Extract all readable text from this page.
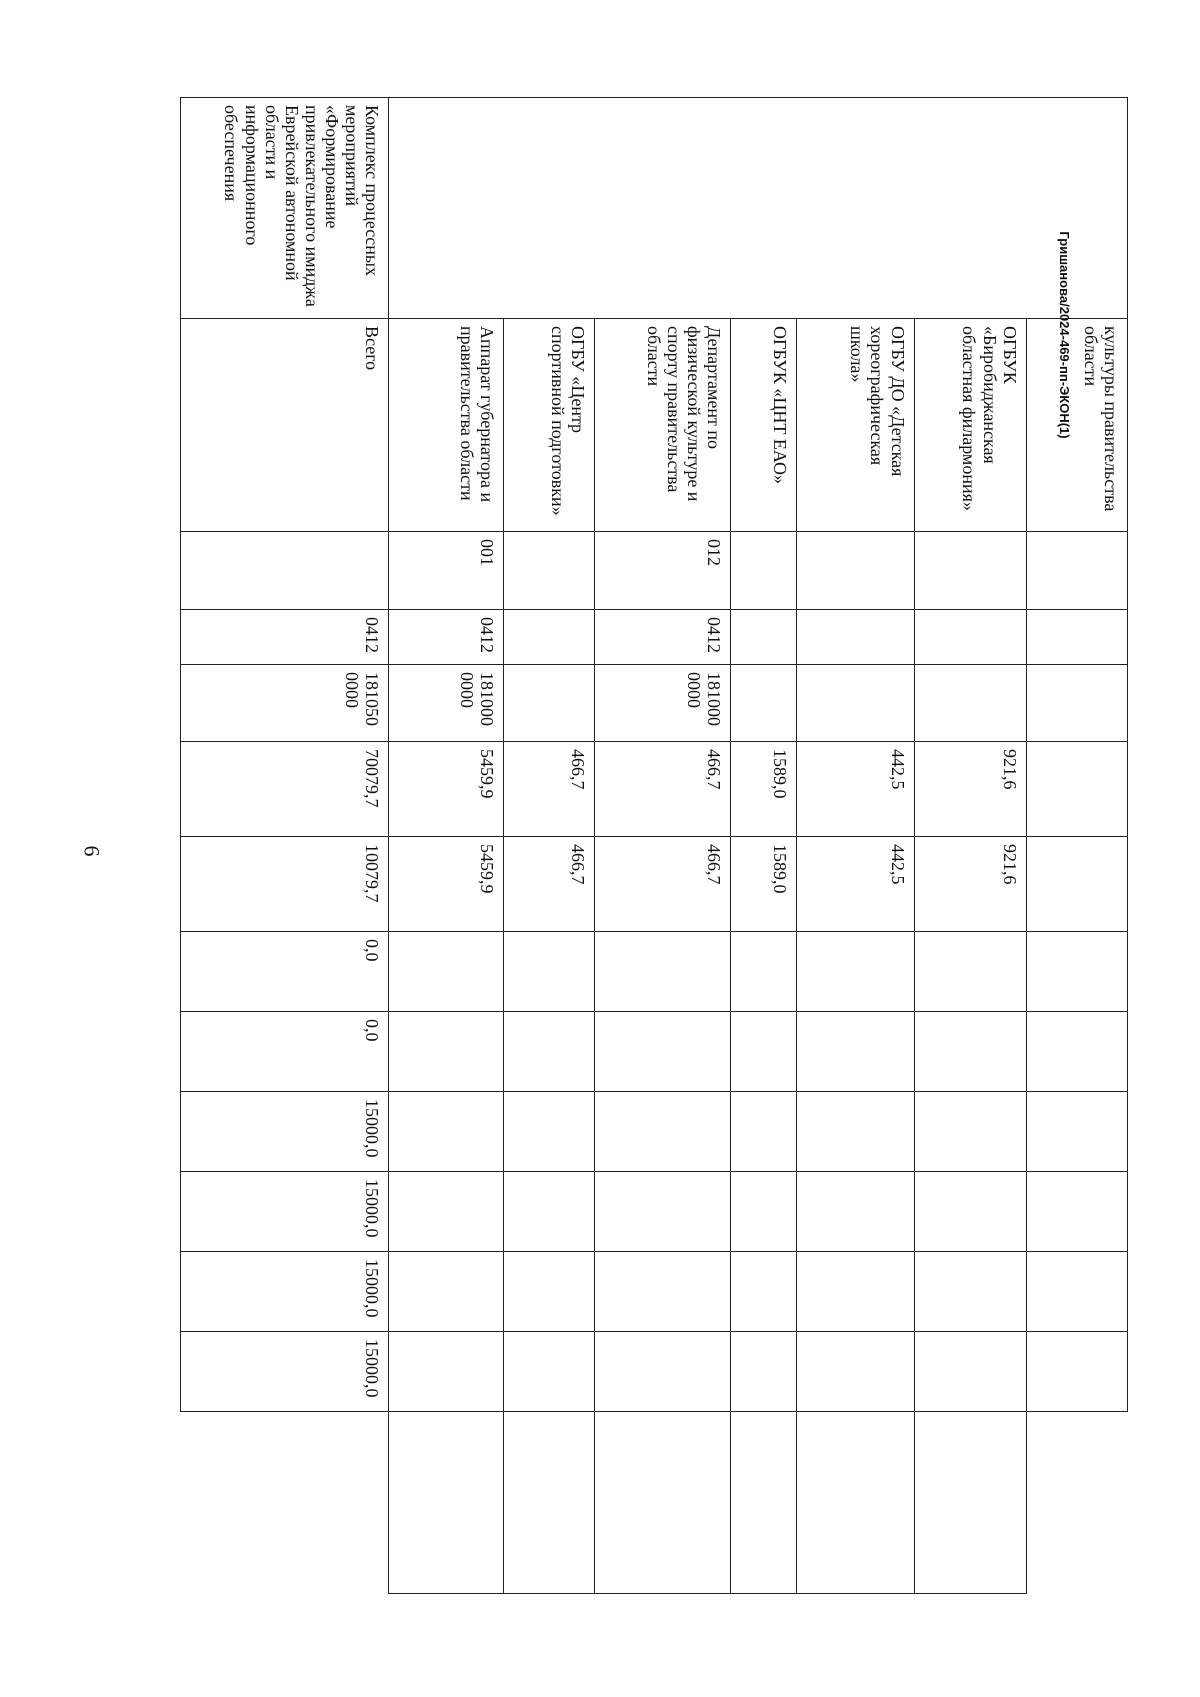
6
Гришанова/2024-469-пп-ЭКОН(1)
	культуры правительства области												
	ОГБУК «Биробиджанская областная филармония»				921,6	921,6							
	ОГБУ ДО «Детская хореографическая школа»				442,5	442,5							
	ОГБУК «ЦНТ ЕАО»				1589,0	1589,0							
	Департамент по физической культуре и спорту правительства области	012	0412	181000 0000	466,7	466,7							
	ОГБУ «Центр спортивной подготовки»				466,7	466,7							
	Аппарат губернатора и правительства области	001	0412	181000 0000	5459,9	5459,9							
Комплекс процессных мероприятий «Формирование привлекательного имиджа Еврейской автономной области и информационного обеспечения	Всего		0412	181050 0000	70079,7	10079,7	0,0	0,0	15000,0	15000,0	15000,0	15000,0	
